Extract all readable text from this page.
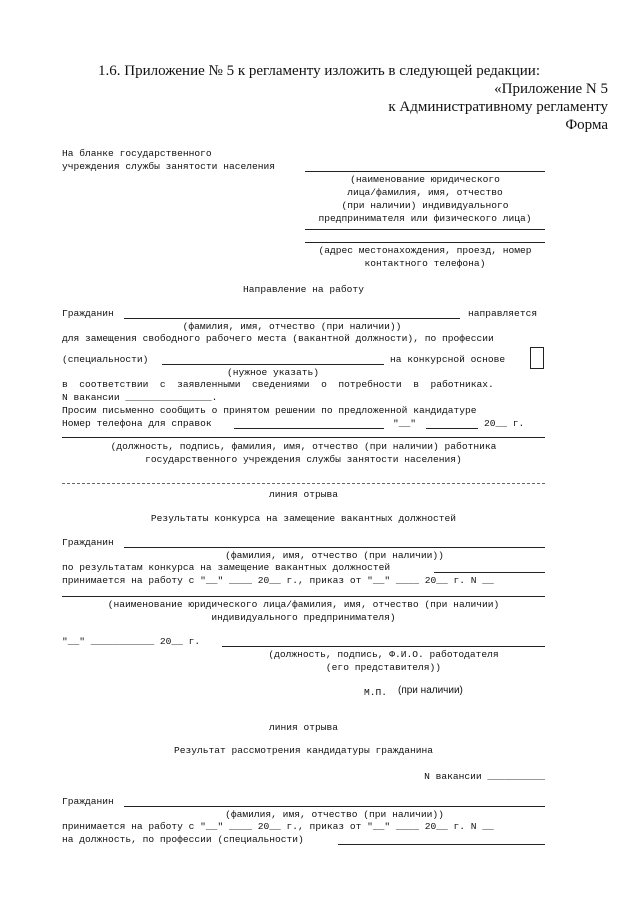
1.6. Приложение № 5 к регламенту изложить в следующей редакции:
«Приложение N 5
к Административному регламенту
Форма
На бланке государственного
учреждения службы занятости населения
(наименование юридического
лица/фамилия, имя, отчество
(при наличии) индивидуального
предпринимателя или физического лица)
(адрес местонахождения, проезд, номер
контактного телефона)
Направление на работу
Гражданин	направляется
(фамилия, имя, отчество (при наличии))
для замещения свободного рабочего места (вакантной должности), по профессии
(специальности)	на конкурсной основе
(нужное указать)
в  соответствии  с  заявленными  сведениями  о  потребности  в  работниках.
N вакансии _______________.
Просим письменно сообщить о принятом решении по предложенной кандидатуре
Номер телефона для справок	"__"	20__ г.
(должность, подпись, фамилия, имя, отчество (при наличии) работника
государственного учреждения службы занятости населения)
линия отрыва
Результаты конкурса на замещение вакантных должностей
Гражданин
(фамилия, имя, отчество (при наличии))
по результатам конкурса на замещение вакантных должностей
принимается на работу с "__" ____ 20__ г., приказ от "__" ____ 20__ г. N __
(наименование юридического лица/фамилия, имя, отчество (при наличии)
индивидуального предпринимателя)
"__" ___________ 20__ г.
(должность, подпись, Ф.И.О. работодателя
(его представителя))
М.П. (при наличии)
линия отрыва
Результат рассмотрения кандидатуры гражданина
N вакансии __________
Гражданин
(фамилия, имя, отчество (при наличии))
принимается на работу с "__" ____ 20__ г., приказ от "__" ____ 20__ г. N __
на должность, по профессии (специальности)
